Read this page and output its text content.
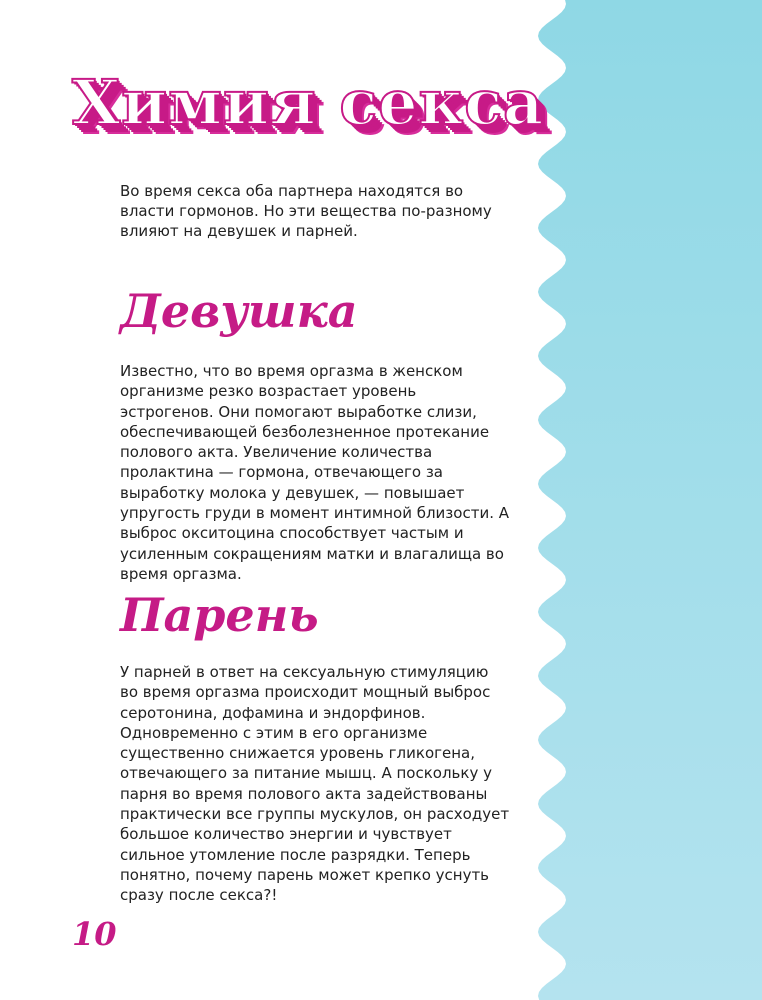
Химия секса

Во время секса оба партнера находятся во власти гормонов. Но эти вещества по-разному влияют на девушек и парней.

Девушка

Известно, что во время оргазма в женском организме резко возрастает уровень эстрогенов. Они помогают выработке слизи, обеспечивающей безболезненное протекание полового акта. Увеличение количества пролактина — гормона, отвечающего за выработку молока у девушек, — повышает упругость груди в момент интимной близости. А выброс окситоцина способствует частым и усиленным сокращениям матки и влагалища во время оргазма.

Парень

У парней в ответ на сексуальную стимуляцию во время оргазма происходит мощный выброс серотонина, дофамина и эндорфинов. Одновременно с этим в его организме существенно снижается уровень гликогена, отвечающего за питание мышц. А поскольку у парня во время полового акта задействованы практически все группы мускулов, он расходует большое количество энергии и чувствует сильное утомление после разрядки. Теперь понятно, почему парень может крепко уснуть сразу после секса?!

10
